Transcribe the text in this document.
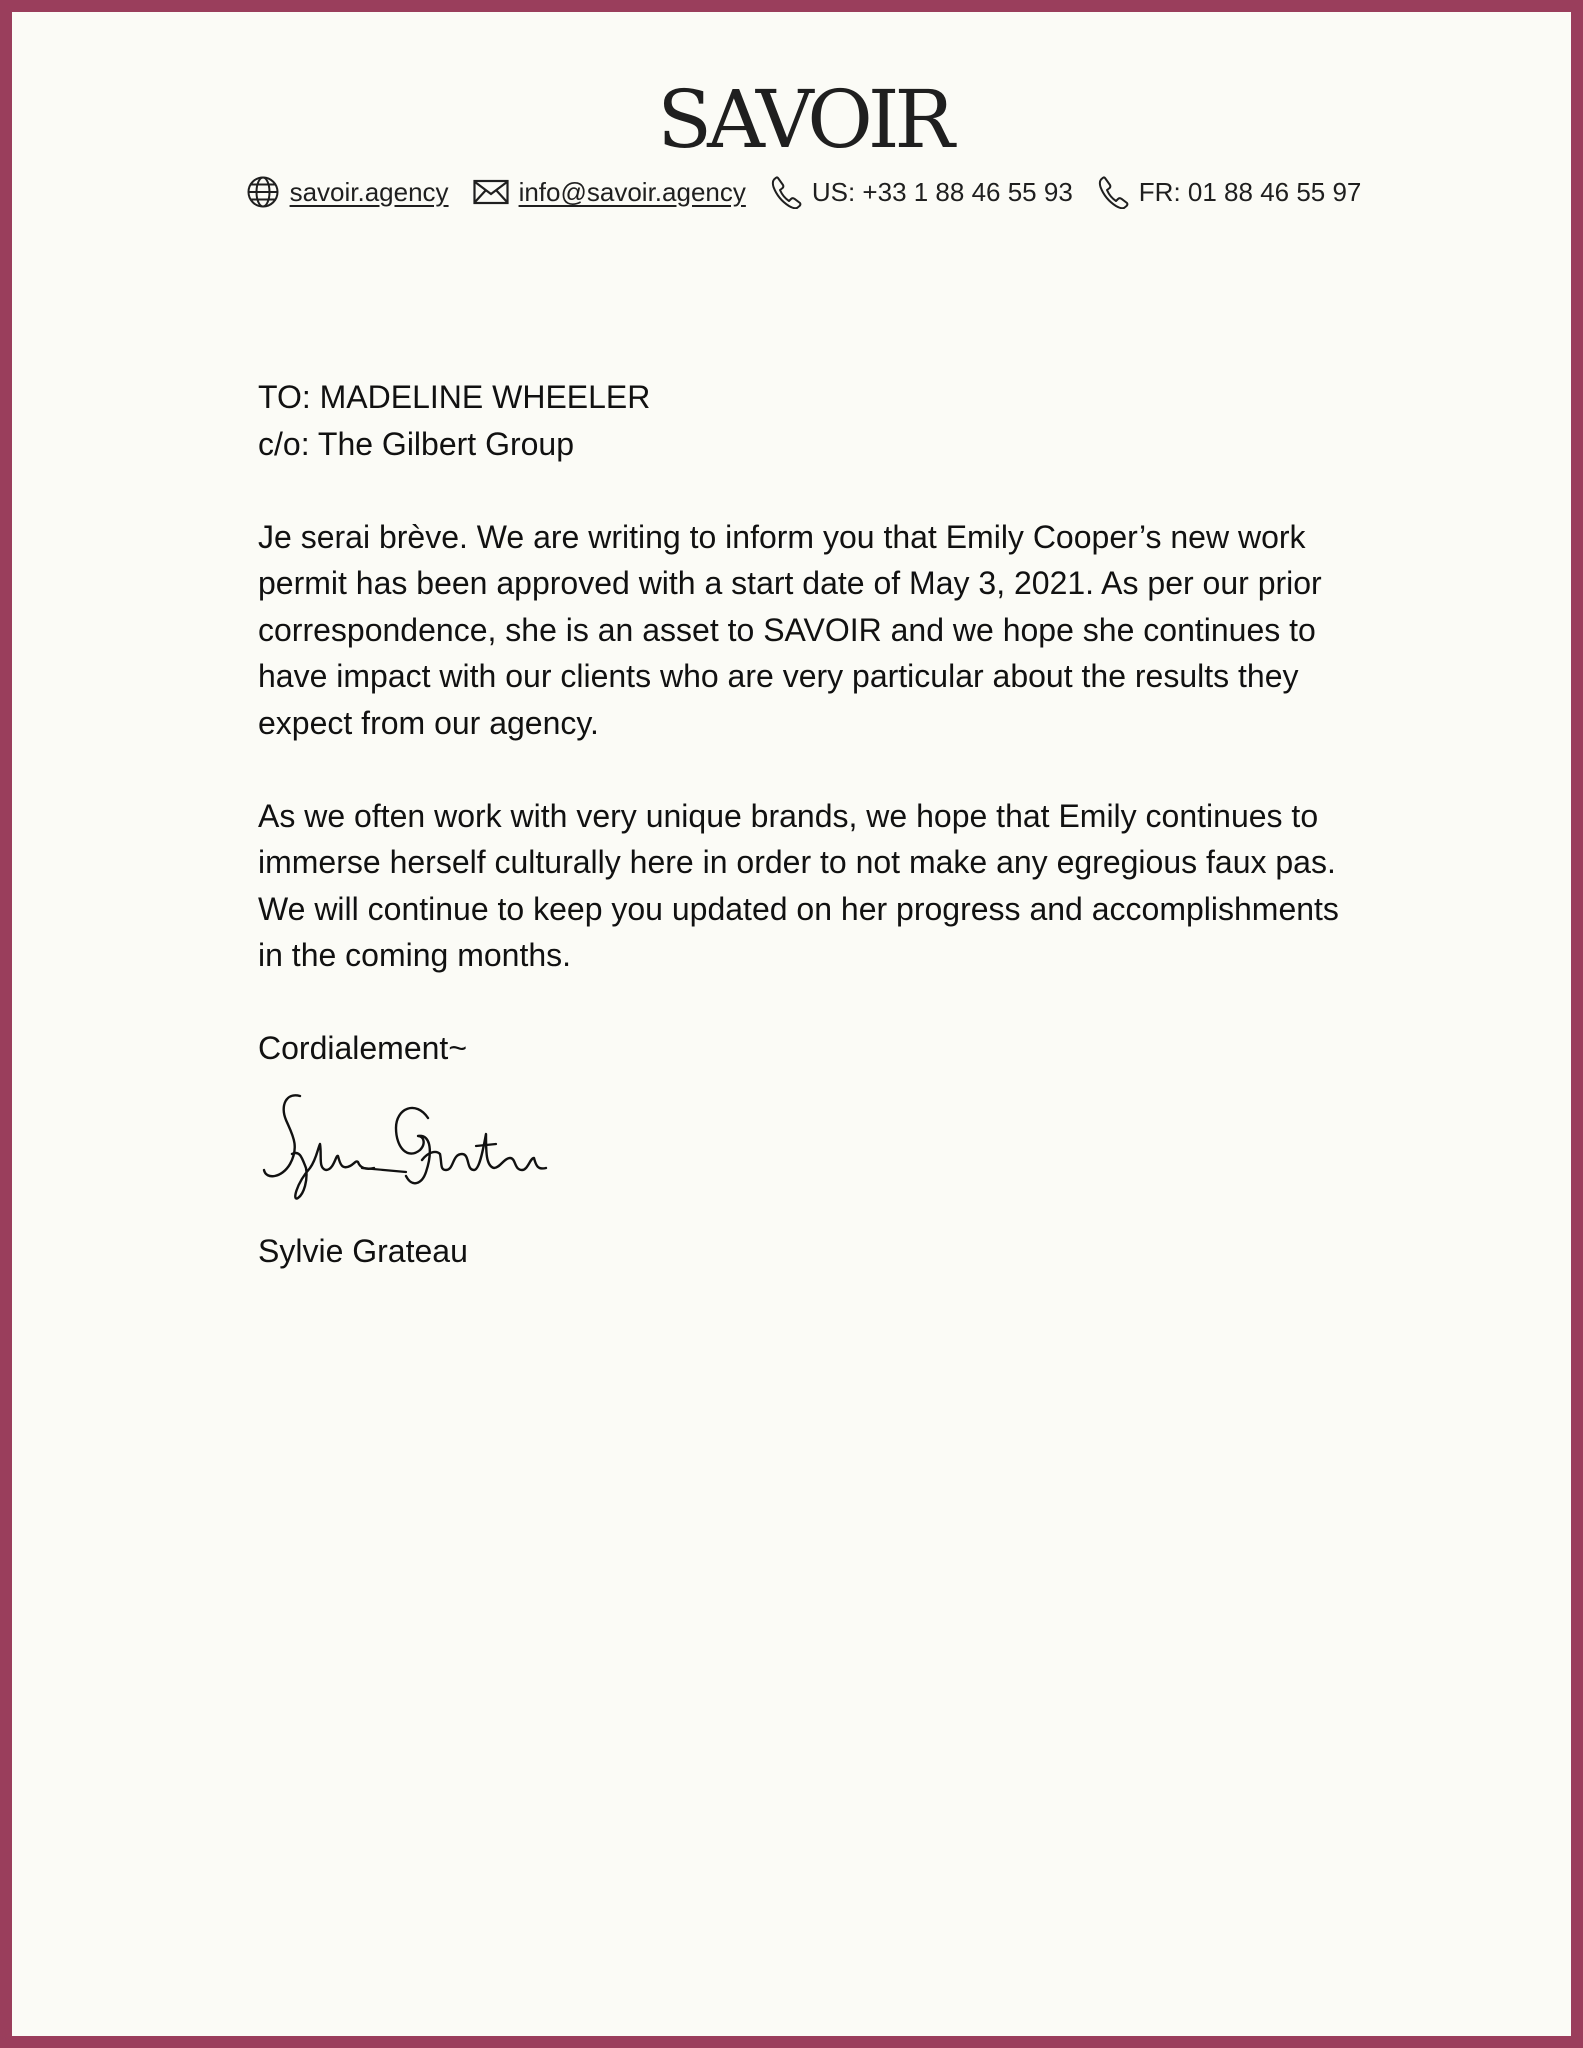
SAVOIR
savoir.agency	info@savoir.agency	US: +33 1 88 46 55 93	FR: 01 88 46 55 97

TO: MADELINE WHEELER

c/o: The Gilbert Group

Je serai brève. We are writing to inform you that Emily Cooper’s new work permit has been approved with a start date of May 3, 2021. As per our prior correspondence, she is an asset to SAVOIR and we hope she continues to have impact with our clients who are very particular about the results they expect from our agency.

As we often work with very unique brands, we hope that Emily continues to immerse herself culturally here in order to not make any egregious faux pas. We will continue to keep you updated on her progress and accomplishments in the coming months.

Cordialement~

Sylvie Grateau
